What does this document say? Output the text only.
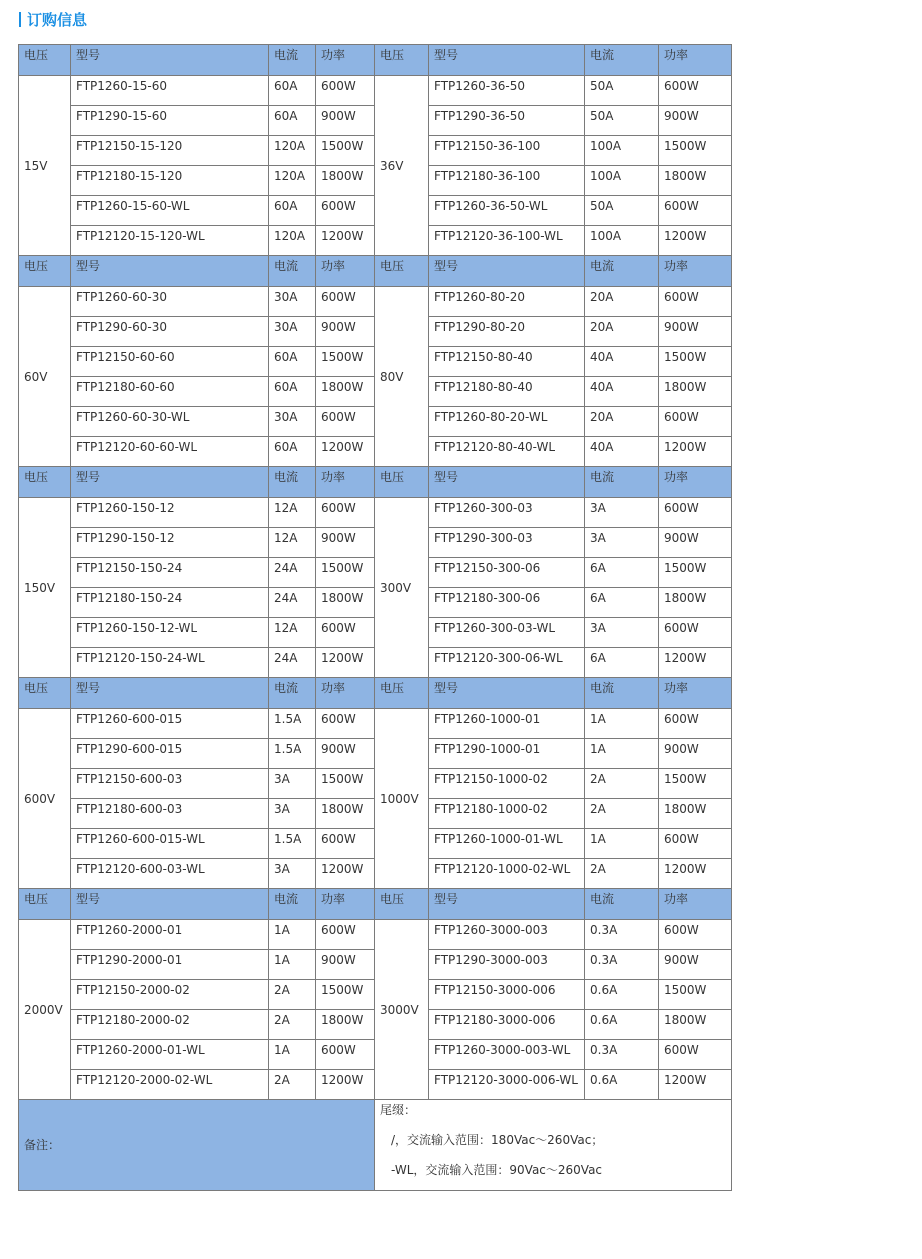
订购信息
电压	型号	电流	功率	电压	型号	电流	功率
15V	FTP1260-15-60	60A	600W	36V	FTP1260-36-50	50A	600W
	FTP1290-15-60	60A	900W		FTP1290-36-50	50A	900W
	FTP12150-15-120	120A	1500W		FTP12150-36-100	100A	1500W
	FTP12180-15-120	120A	1800W		FTP12180-36-100	100A	1800W
	FTP1260-15-60-WL	60A	600W		FTP1260-36-50-WL	50A	600W
	FTP12120-15-120-WL	120A	1200W		FTP12120-36-100-WL	100A	1200W
电压	型号	电流	功率	电压	型号	电流	功率
60V	FTP1260-60-30	30A	600W	80V	FTP1260-80-20	20A	600W
	FTP1290-60-30	30A	900W		FTP1290-80-20	20A	900W
	FTP12150-60-60	60A	1500W		FTP12150-80-40	40A	1500W
	FTP12180-60-60	60A	1800W		FTP12180-80-40	40A	1800W
	FTP1260-60-30-WL	30A	600W		FTP1260-80-20-WL	20A	600W
	FTP12120-60-60-WL	60A	1200W		FTP12120-80-40-WL	40A	1200W
电压	型号	电流	功率	电压	型号	电流	功率
150V	FTP1260-150-12	12A	600W	300V	FTP1260-300-03	3A	600W
	FTP1290-150-12	12A	900W		FTP1290-300-03	3A	900W
	FTP12150-150-24	24A	1500W		FTP12150-300-06	6A	1500W
	FTP12180-150-24	24A	1800W		FTP12180-300-06	6A	1800W
	FTP1260-150-12-WL	12A	600W		FTP1260-300-03-WL	3A	600W
	FTP12120-150-24-WL	24A	1200W		FTP12120-300-06-WL	6A	1200W
电压	型号	电流	功率	电压	型号	电流	功率
600V	FTP1260-600-015	1.5A	600W	1000V	FTP1260-1000-01	1A	600W
	FTP1290-600-015	1.5A	900W		FTP1290-1000-01	1A	900W
	FTP12150-600-03	3A	1500W		FTP12150-1000-02	2A	1500W
	FTP12180-600-03	3A	1800W		FTP12180-1000-02	2A	1800W
	FTP1260-600-015-WL	1.5A	600W		FTP1260-1000-01-WL	1A	600W
	FTP12120-600-03-WL	3A	1200W		FTP12120-1000-02-WL	2A	1200W
电压	型号	电流	功率	电压	型号	电流	功率
2000V	FTP1260-2000-01	1A	600W	3000V	FTP1260-3000-003	0.3A	600W
	FTP1290-2000-01	1A	900W		FTP1290-3000-003	0.3A	900W
	FTP12150-2000-02	2A	1500W		FTP12150-3000-006	0.6A	1500W
	FTP12180-2000-02	2A	1800W		FTP12180-3000-006	0.6A	1800W
	FTP1260-2000-01-WL	1A	600W		FTP1260-3000-003-WL	0.3A	600W
	FTP12120-2000-02-WL	2A	1200W		FTP12120-3000-006-WL	0.6A	1200W
备注：				尾缀：
/，交流输入范围：180Vac～260Vac；
-WL，交流输入范围：90Vac～260Vac			
